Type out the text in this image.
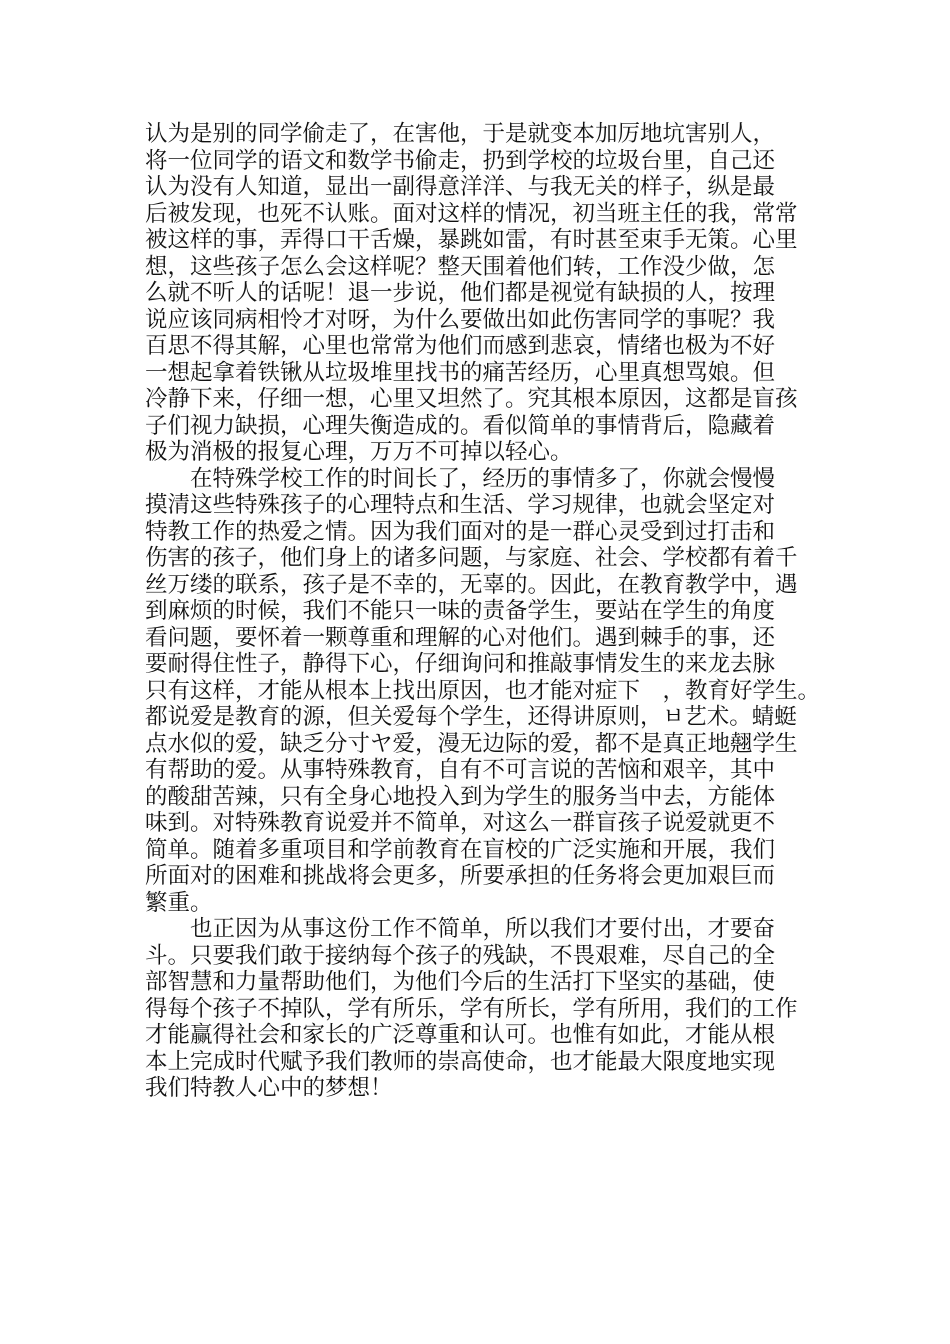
认为是别的同学偷走了，在害他，于是就变本加厉地坑害别人，
将一位同学的语文和数学书偷走，扔到学校的垃圾台里，自己还
认为没有人知道，显出一副得意洋洋、与我无关的样子，纵是最
后被发现，也死不认账。面对这样的情况，初当班主任的我，常常
被这样的事，弄得口干舌燥，暴跳如雷，有时甚至束手无策。心里
想，这些孩子怎么会这样呢？整天围着他们转，工作没少做，怎
么就不听人的话呢！退一步说，他们都是视觉有缺损的人，按理
说应该同病相怜才对呀，为什么要做出如此伤害同学的事呢？我
百思不得其解，心里也常常为他们而感到悲哀，情绪也极为不好
一想起拿着铁锹从垃圾堆里找书的痛苦经历，心里真想骂娘。但
冷静下来，仔细一想，心里又坦然了。究其根本原因，这都是盲孩
子们视力缺损，心理失衡造成的。看似简单的事情背后，隐藏着
极为消极的报复心理，万万不可掉以轻心。
　　在特殊学校工作的时间长了，经历的事情多了，你就会慢慢
摸清这些特殊孩子的心理特点和生活、学习规律，也就会坚定对
特教工作的热爱之情。因为我们面对的是一群心灵受到过打击和
伤害的孩子，他们身上的诸多问题，与家庭、社会、学校都有着千
丝万缕的联系，孩子是不幸的，无辜的。因此，在教育教学中，遇
到麻烦的时候，我们不能只一味的责备学生，要站在学生的角度
看问题，要怀着一颗尊重和理解的心对他们。遇到棘手的事，还
要耐得住性子，静得下心，仔细询问和推敲事情发生的来龙去脉
只有这样，才能从根本上找出原因，也才能对症下　，教育好学生。
都说爱是教育的源，但关爱每个学生，还得讲原则，ㅂ艺术。蜻蜓
点水似的爱，缺乏分寸ヤ爱，漫无边际的爱，都不是真正地翹学生
有帮助的爱。从事特殊教育，自有不可言说的苦恼和艰辛，其中
的酸甜苦辣，只有全身心地投入到为学生的服务当中去，方能体
味到。对特殊教育说爱并不简单，对这么一群盲孩子说爱就更不
简单。随着多重项目和学前教育在盲校的广泛实施和开展，我们
所面对的困难和挑战将会更多，所要承担的任务将会更加艰巨而
繁重。
　　也正因为从事这份工作不简单，所以我们才要付出，才要奋
斗。只要我们敢于接纳每个孩子的残缺，不畏艰难，尽自己的全
部智慧和力量帮助他们，为他们今后的生活打下坚实的基础，使
得每个孩子不掉队，学有所乐，学有所长，学有所用，我们的工作
才能赢得社会和家长的广泛尊重和认可。也惟有如此，才能从根
本上完成时代赋予我们教师的崇高使命，也才能最大限度地实现
我们特教人心中的梦想！
